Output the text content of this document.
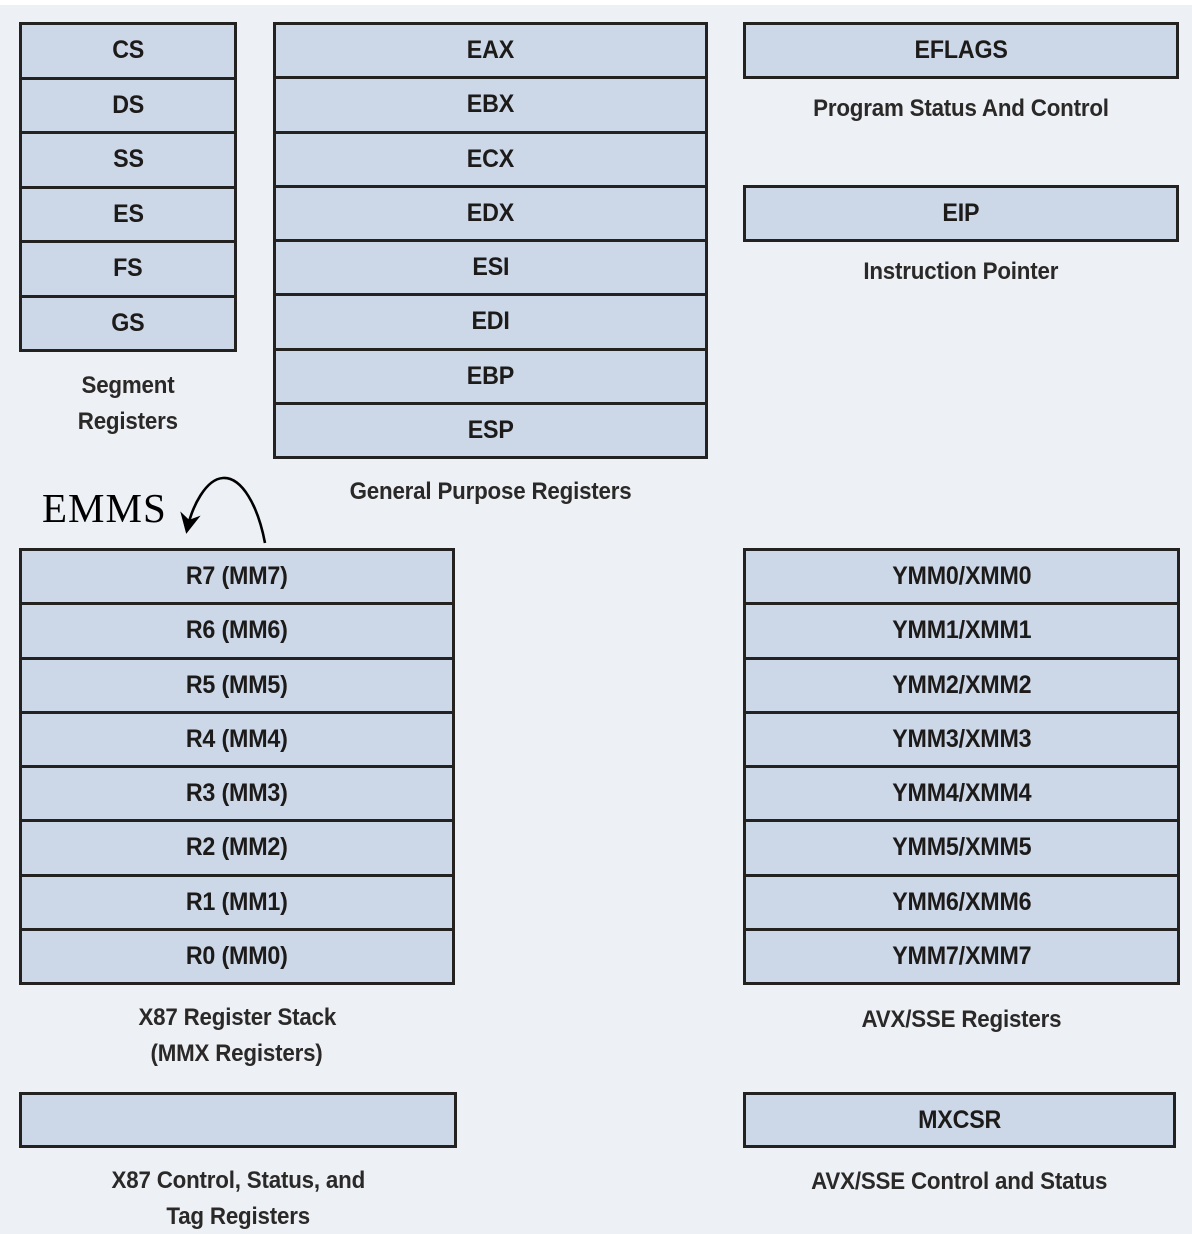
CS
DS
SS
ES
FS
GS
Segment
Registers
EAX
EBX
ECX
EDX
ESI
EDI
EBP
ESP
General Purpose Registers
EFLAGS
Program Status And Control
EIP
Instruction Pointer
EMMS
R7 (MM7)
R6 (MM6)
R5 (MM5)
R4 (MM4)
R3 (MM3)
R2 (MM2)
R1 (MM1)
R0 (MM0)
X87 Register Stack
(MMX Registers)
X87 Control, Status, and
Tag Registers
YMM0/XMM0
YMM1/XMM1
YMM2/XMM2
YMM3/XMM3
YMM4/XMM4
YMM5/XMM5
YMM6/XMM6
YMM7/XMM7
AVX/SSE Registers
MXCSR
AVX/SSE Control and Status
